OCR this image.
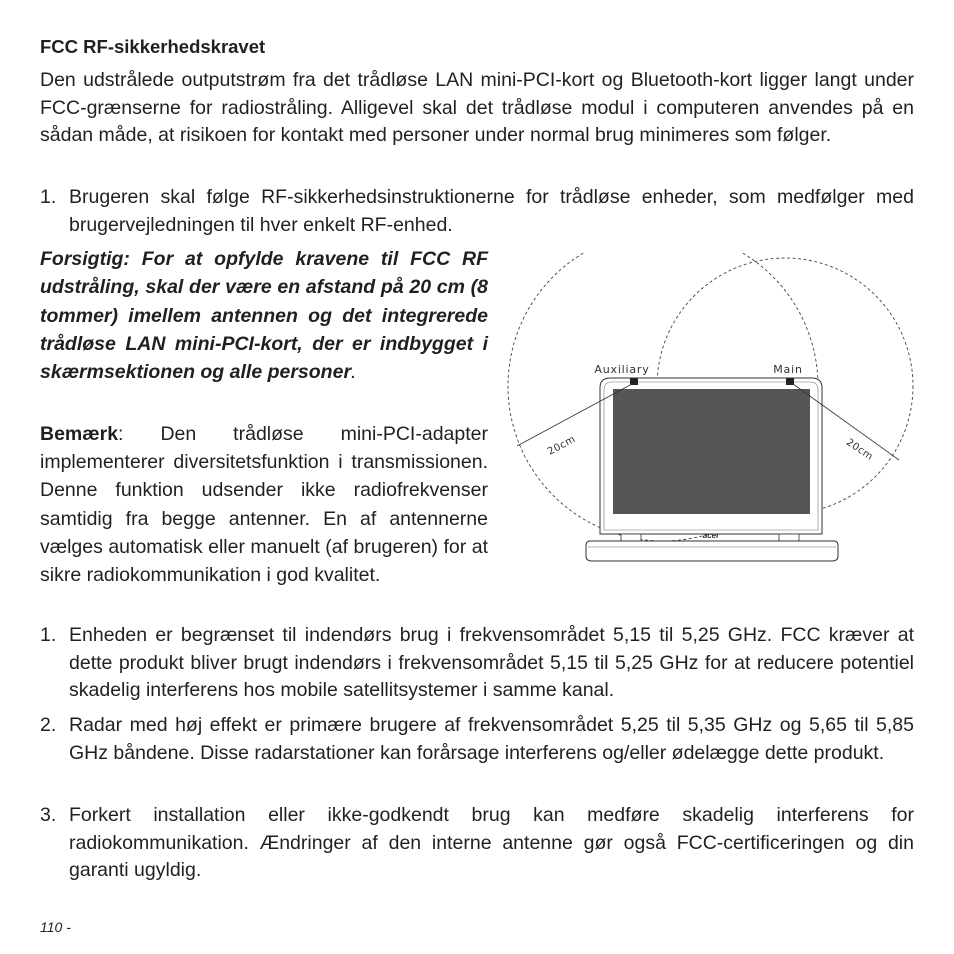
FCC RF-sikkerhedskravet
Den udstrålede outputstrøm fra det trådløse LAN mini-PCI-kort og Bluetooth-kort ligger langt under FCC-grænserne for radiostråling. Alligevel skal det trådløse modul i computeren anvendes på en sådan måde, at risikoen for kontakt med personer under normal brug minimeres som følger.
1. Brugeren skal følge RF-sikkerhedsinstruktionerne for trådløse enheder, som medfølger med brugervejledningen til hver enkelt RF-enhed.
Forsigtig: For at opfylde kravene til FCC RF udstråling, skal der være en afstand på 20 cm (8 tommer) imellem antennen og det integrerede trådløse LAN mini-PCI-kort, der er indbygget i skærmsektionen og alle personer.
Bemærk: Den trådløse mini-PCI-adapter implementerer diversitetsfunktion i transmissionen. Denne funktion udsender ikke radiofrekvenser samtidig fra begge antenner. En af antennerne vælges automatisk eller manuelt (af brugeren) for at sikre radiokommunikation i god kvalitet.
1. Enheden er begrænset til indendørs brug i frekvensområdet 5,15 til 5,25 GHz. FCC kræver at dette produkt bliver brugt indendørs i frekvensområdet 5,15 til 5,25 GHz for at reducere potentiel skadelig interferens hos mobile satellitsystemer i samme kanal.
2. Radar med høj effekt er primære brugere af frekvensområdet 5,25 til 5,35 GHz og 5,65 til 5,85 GHz båndene. Disse radarstationer kan forårsage interferens og/eller ødelægge dette produkt.
3. Forkert installation eller ikke-godkendt brug kan medføre skadelig interferens for radiokommunikation. Ændringer af den interne antenne gør også FCC-certificeringen og din garanti ugyldig.
acer
Auxiliary	Main
20cm	20cm
110 -
